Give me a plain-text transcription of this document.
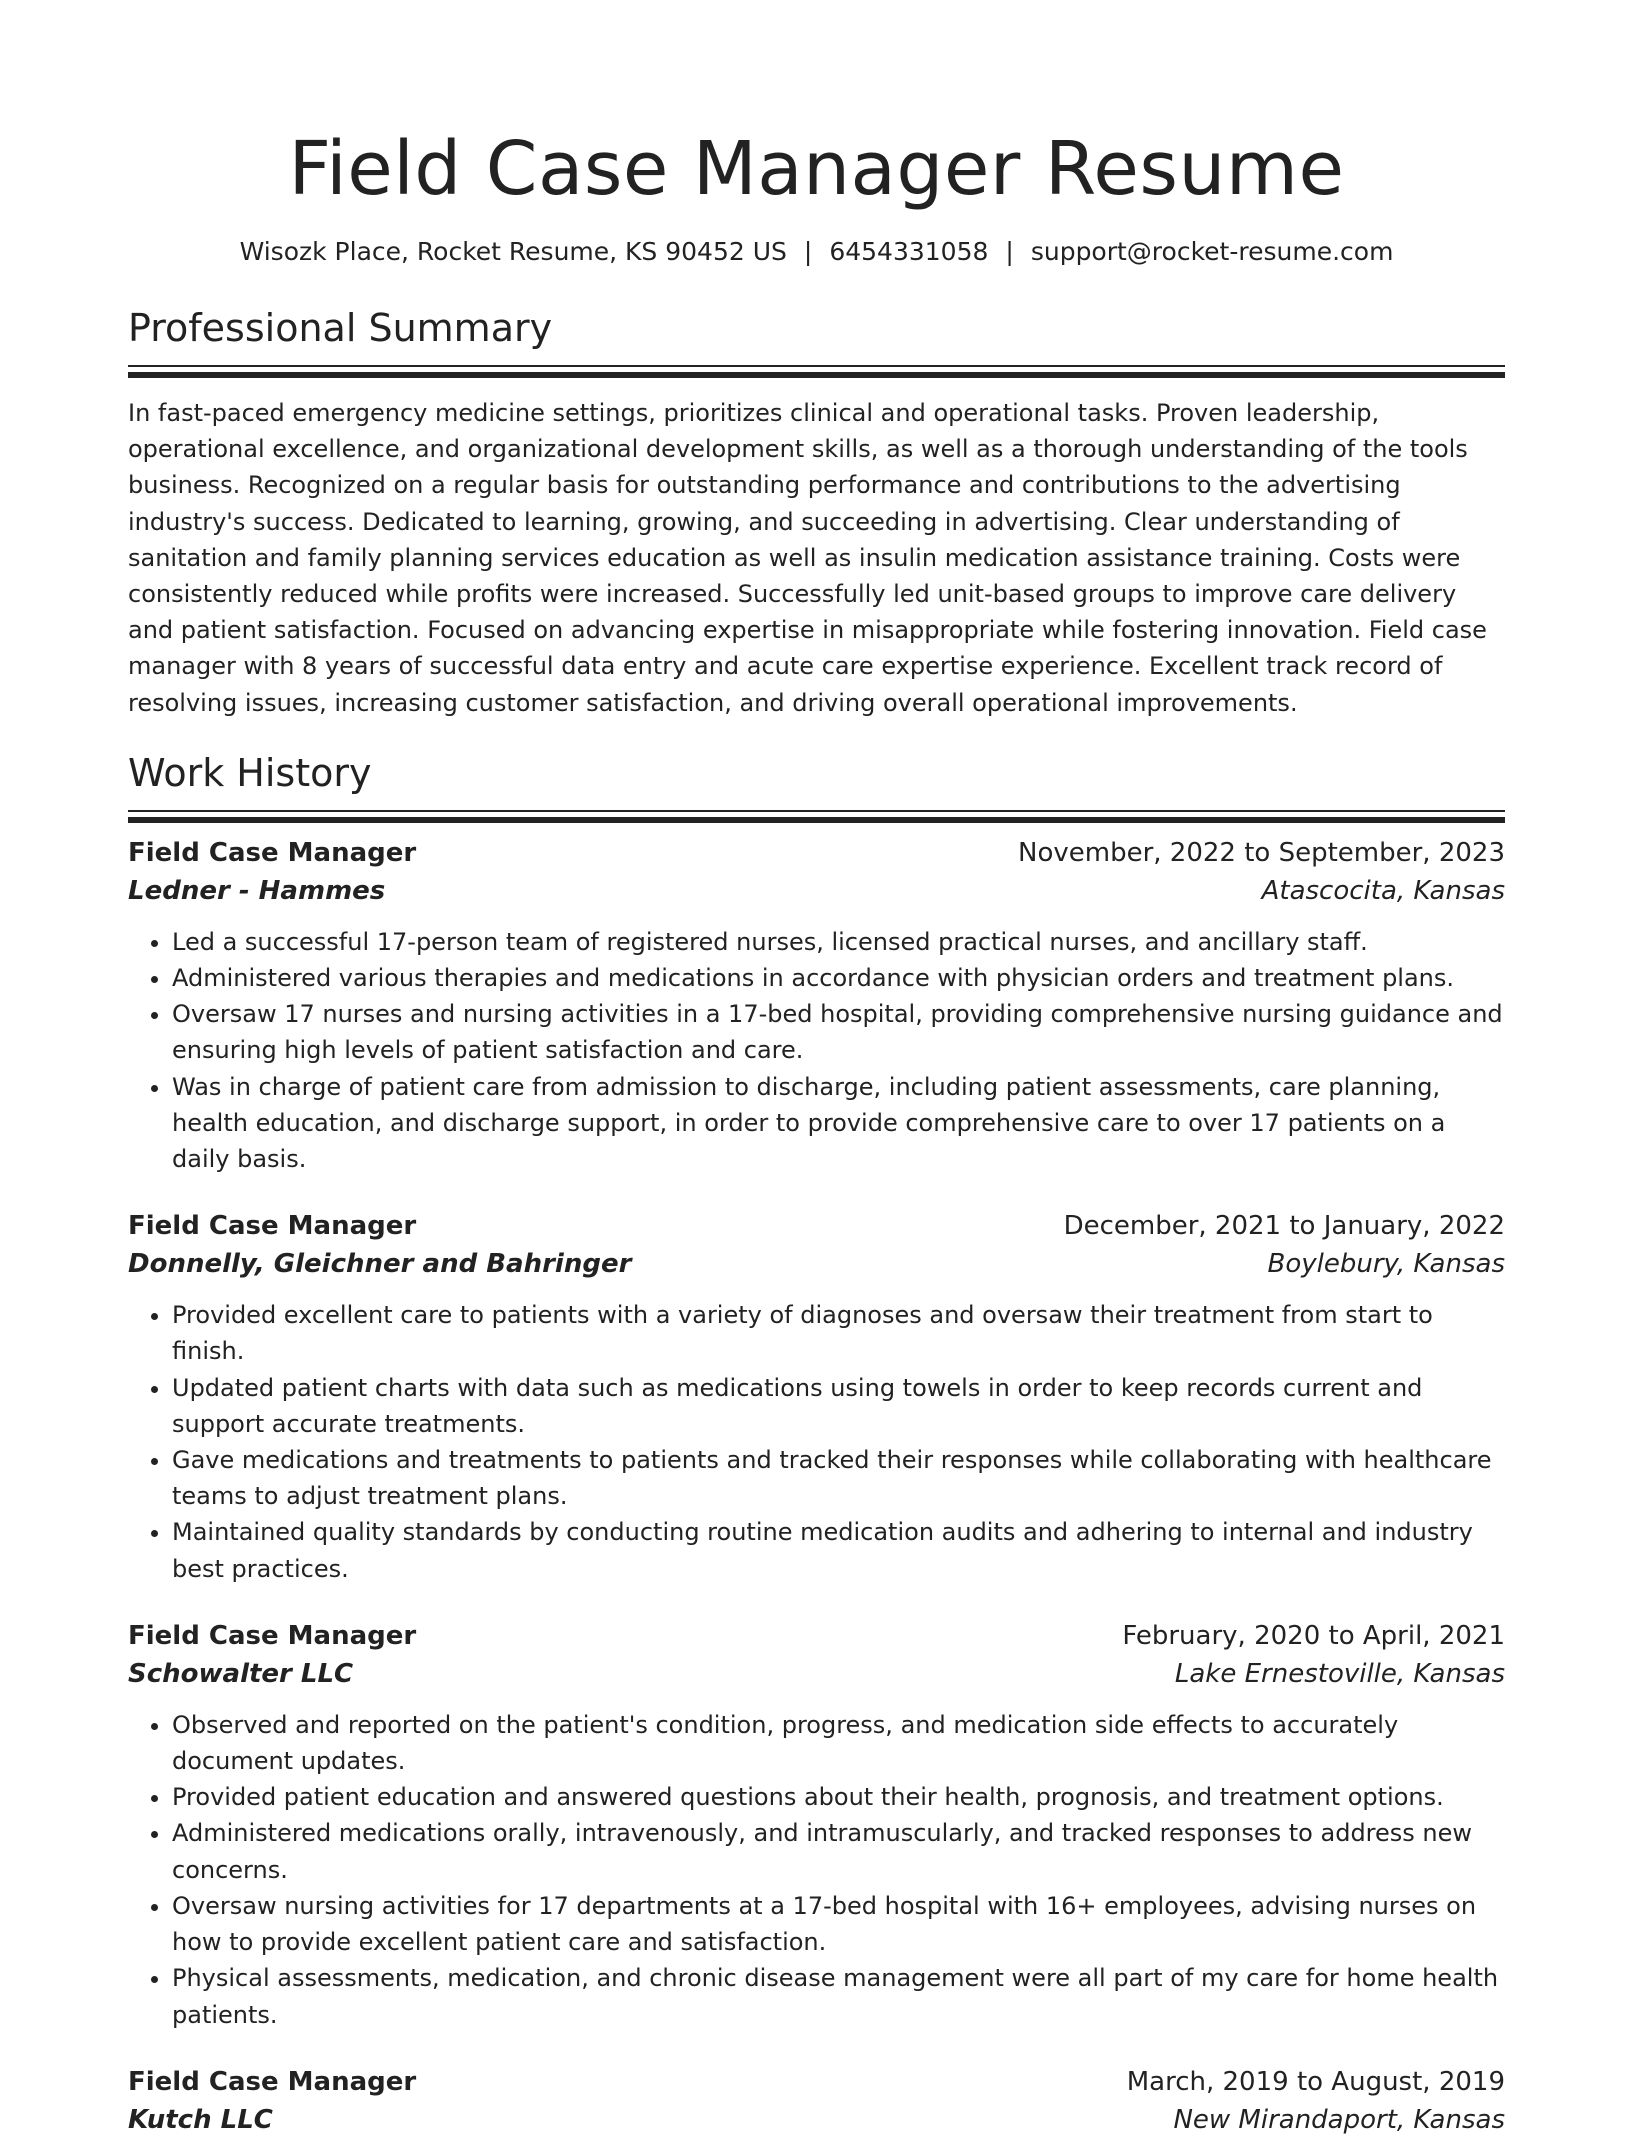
Field Case Manager Resume
Wisozk Place, Rocket Resume, KS 90452 US | 6454331058 | support@rocket-resume.com
Professional Summary
In fast-paced emergency medicine settings, prioritizes clinical and operational tasks. Proven leadership, operational excellence, and organizational development skills, as well as a thorough understanding of the tools business. Recognized on a regular basis for outstanding performance and contributions to the advertising industry's success. Dedicated to learning, growing, and succeeding in advertising. Clear understanding of sanitation and family planning services education as well as insulin medication assistance training. Costs were consistently reduced while profits were increased. Successfully led unit-based groups to improve care delivery and patient satisfaction. Focused on advancing expertise in misappropriate while fostering innovation. Field case manager with 8 years of successful data entry and acute care expertise experience. Excellent track record of resolving issues, increasing customer satisfaction, and driving overall operational improvements.
Work History
Field Case Manager	November, 2022 to September, 2023
Ledner - Hammes	Atascocita, Kansas
• Led a successful 17-person team of registered nurses, licensed practical nurses, and ancillary staff.
• Administered various therapies and medications in accordance with physician orders and treatment plans.
• Oversaw 17 nurses and nursing activities in a 17-bed hospital, providing comprehensive nursing guidance and ensuring high levels of patient satisfaction and care.
• Was in charge of patient care from admission to discharge, including patient assessments, care planning, health education, and discharge support, in order to provide comprehensive care to over 17 patients on a daily basis.
Field Case Manager	December, 2021 to January, 2022
Donnelly, Gleichner and Bahringer	Boylebury, Kansas
• Provided excellent care to patients with a variety of diagnoses and oversaw their treatment from start to finish.
• Updated patient charts with data such as medications using towels in order to keep records current and support accurate treatments.
• Gave medications and treatments to patients and tracked their responses while collaborating with healthcare teams to adjust treatment plans.
• Maintained quality standards by conducting routine medication audits and adhering to internal and industry best practices.
Field Case Manager	February, 2020 to April, 2021
Schowalter LLC	Lake Ernestoville, Kansas
• Observed and reported on the patient's condition, progress, and medication side effects to accurately document updates.
• Provided patient education and answered questions about their health, prognosis, and treatment options.
• Administered medications orally, intravenously, and intramuscularly, and tracked responses to address new concerns.
• Oversaw nursing activities for 17 departments at a 17-bed hospital with 16+ employees, advising nurses on how to provide excellent patient care and satisfaction.
• Physical assessments, medication, and chronic disease management were all part of my care for home health patients.
Field Case Manager	March, 2019 to August, 2019
Kutch LLC	New Mirandaport, Kansas
